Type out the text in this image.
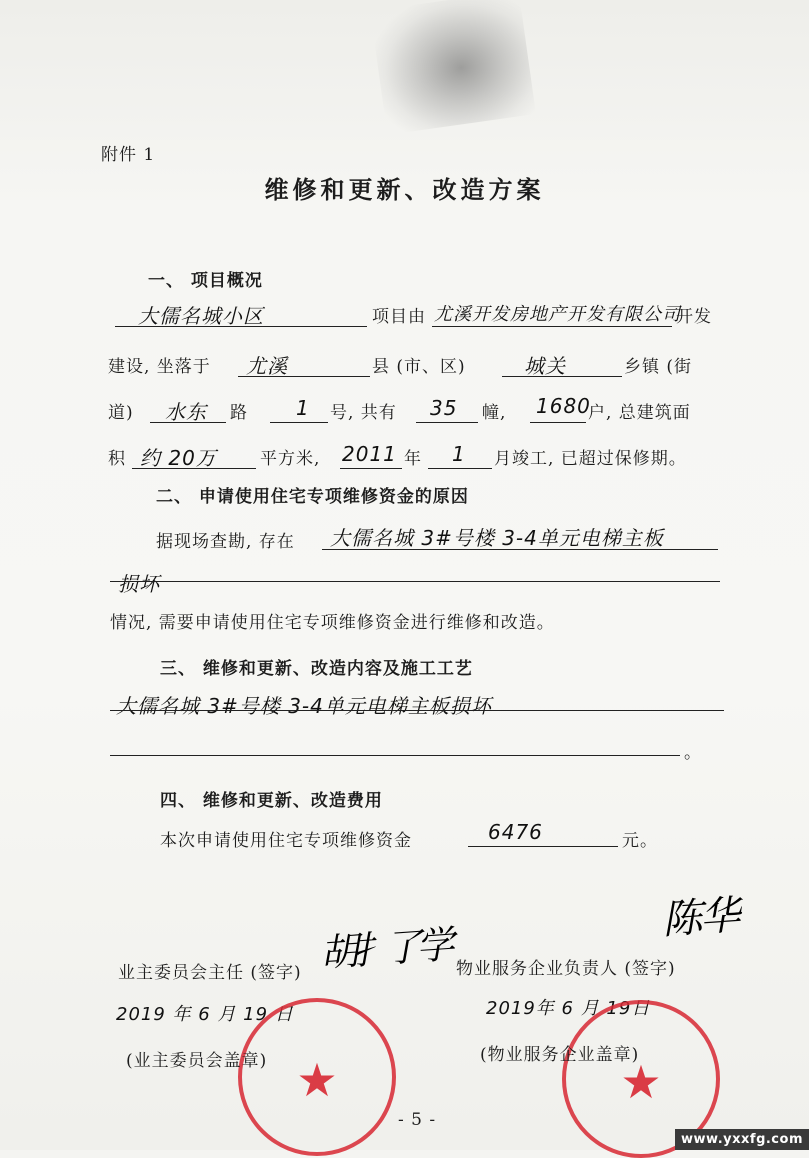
附件 1
维修和更新、改造方案
一、 项目概况
大儒名城小区	项目由 尤溪开发房地产开发有限公司
开发
建设, 坐落于 尤溪	县 (市、区)	城关	乡镇 (街
道) 水东 路 1 号, 共有 35 幢, 1680
户, 总建筑面
积 约 20万	平方米, 2011 年 1 月竣工, 已超过保修期。
二、 申请使用住宅专项维修资金的原因
据现场查勘, 存在 大儒名城 3#号楼 3-4单元电梯主板
损坏
情况, 需要申请使用住宅专项维修资金进行维修和改造。
三、 维修和更新、改造内容及施工工艺
大儒名城 3#号楼 3-4单元电梯主板损坏
。
四、 维修和更新、改造费用
本次申请使用住宅专项维修资金	6476	元。
业主委员会主任 (签字) 胡扌了学 物业服务企业负责人 (签字)
陈华
2019 年 6 月 19 日	2019年 6 月 19日
★	★
(业主委员会盖章)	(物业服务企业盖章)
- 5 -
www.yxxfg.com
